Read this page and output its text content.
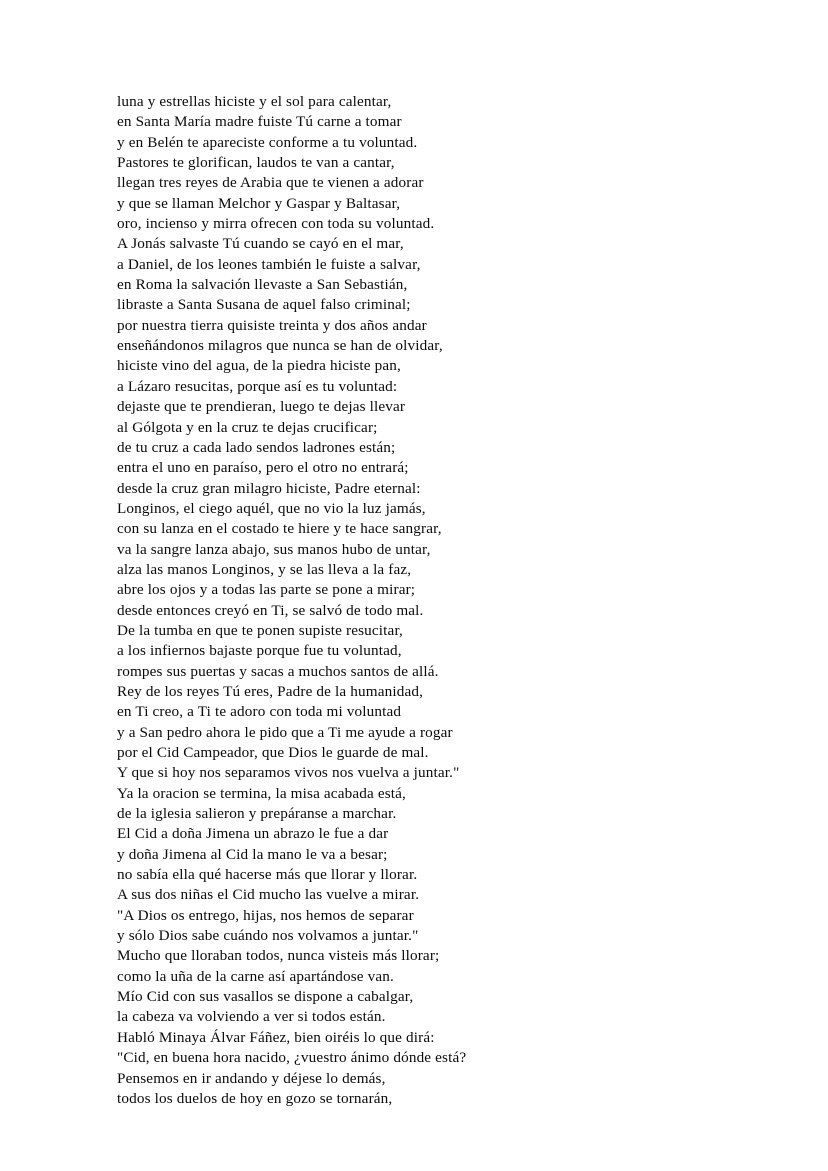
luna y estrellas hiciste y el sol para calentar,
en Santa María madre fuiste Tú carne a tomar
y en Belén te apareciste conforme a tu voluntad.
Pastores te glorifican, laudos te van a cantar,
llegan tres reyes de Arabia que te vienen a adorar
y que se llaman Melchor y Gaspar y Baltasar,
oro, incienso y mirra ofrecen con toda su voluntad.
A Jonás salvaste Tú cuando se cayó en el mar,
a Daniel, de los leones también le fuiste a salvar,
en Roma la salvación llevaste a San Sebastián,
libraste a Santa Susana de aquel falso criminal;
por nuestra tierra quisiste treinta y dos años andar
enseñándonos milagros que nunca se han de olvidar,
hiciste vino del agua, de la piedra hiciste pan,
a Lázaro resucitas, porque así es tu voluntad:
dejaste que te prendieran, luego te dejas llevar
al Gólgota y en la cruz te dejas crucificar;
de tu cruz a cada lado sendos ladrones están;
entra el uno en paraíso, pero el otro no entrará;
desde la cruz gran milagro hiciste, Padre eternal:
Longinos, el ciego aquél, que no vio la luz jamás,
con su lanza en el costado te hiere y te hace sangrar,
va la sangre lanza abajo, sus manos hubo de untar,
alza las manos Longinos, y se las lleva a la faz,
abre los ojos y a todas las parte se pone a mirar;
desde entonces creyó en Ti, se salvó de todo mal.
De la tumba en que te ponen supiste resucitar,
a los infiernos bajaste porque fue tu voluntad,
rompes sus puertas y sacas a muchos santos de allá.
Rey de los reyes Tú eres, Padre de la humanidad,
en Ti creo, a Ti te adoro con toda mi voluntad
y a San pedro ahora le pido que a Ti me ayude a rogar
por el Cid Campeador, que Dios le guarde de mal.
Y que si hoy nos separamos vivos nos vuelva a juntar."
Ya la oracion se termina, la misa acabada está,
de la iglesia salieron y prepáranse a marchar.
El Cid a doña Jimena un abrazo le fue a dar
y doña Jimena al Cid la mano le va a besar;
no sabía ella qué hacerse más que llorar y llorar.
A sus dos niñas el Cid mucho las vuelve a mirar.
"A Dios os entrego, hijas, nos hemos de separar
y sólo Dios sabe cuándo nos volvamos a juntar."
Mucho que lloraban todos, nunca visteis más llorar;
como la uña de la carne así apartándose van.
Mío Cid con sus vasallos se dispone a cabalgar,
la cabeza va volviendo a ver si todos están.
Habló Minaya Álvar Fáñez, bien oiréis lo que dirá:
"Cid, en buena hora nacido, ¿vuestro ánimo dónde está?
Pensemos en ir andando y déjese lo demás,
todos los duelos de hoy en gozo se tornarán,
